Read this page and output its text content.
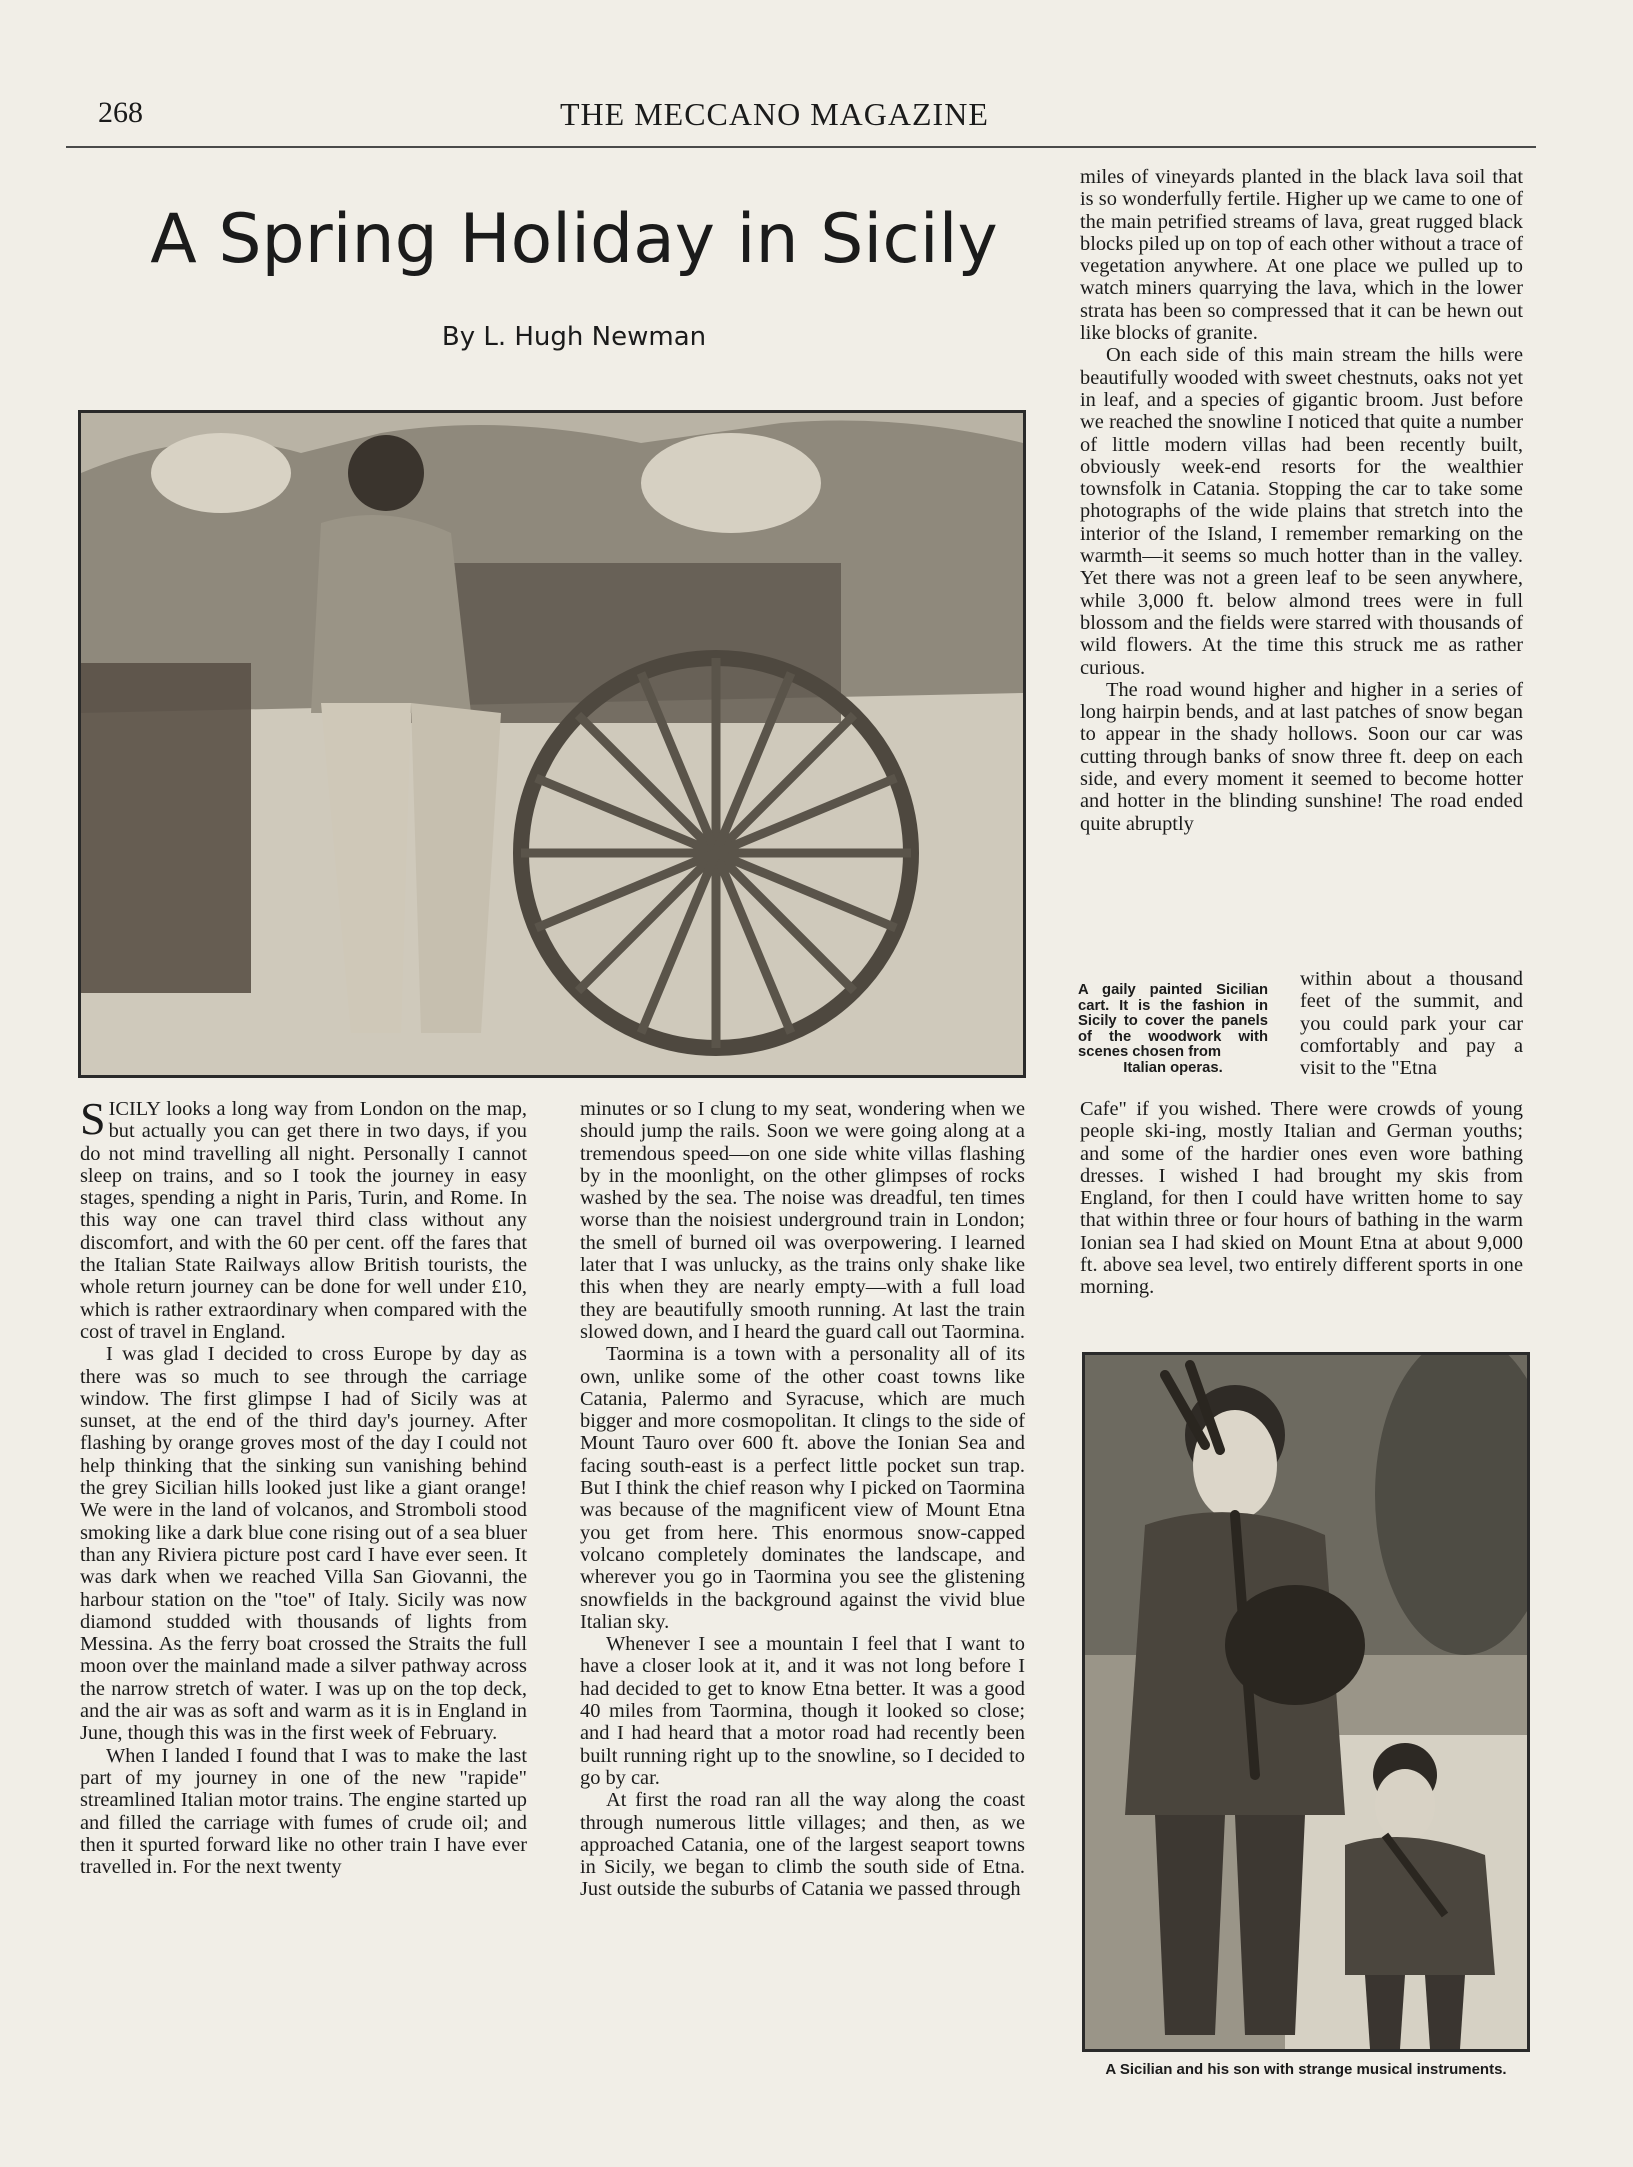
268	THE MECCANO MAGAZINE
A Spring Holiday in Sicily
By L. Hugh Newman
A Sicilian and his son with strange musical instruments.

SICILY looks a long way from London on the map, but actually you can get there in two days, if you do not mind travelling all night. Personally I cannot sleep on trains, and so I took the journey in easy stages, spending a night in Paris, Turin, and Rome. In this way one can travel third class without any discomfort, and with the 60 per cent. off the fares that the Italian State Railways allow British tourists, the whole return journey can be done for well under £10, which is rather extraordinary when compared with the cost of travel in England.

I was glad I decided to cross Europe by day as there was so much to see through the carriage window. The first glimpse I had of Sicily was at sunset, at the end of the third day's journey. After flashing by orange groves most of the day I could not help thinking that the sinking sun vanishing behind the grey Sicilian hills looked just like a giant orange! We were in the land of volcanos, and Stromboli stood smoking like a dark blue cone rising out of a sea bluer than any Riviera picture post card I have ever seen. It was dark when we reached Villa San Giovanni, the harbour station on the "toe" of Italy. Sicily was now diamond studded with thousands of lights from Messina. As the ferry boat crossed the Straits the full moon over the mainland made a silver pathway across the narrow stretch of water. I was up on the top deck, and the air was as soft and warm as it is in England in June, though this was in the first week of February.

When I landed I found that I was to make the last part of my journey in one of the new "rapide" streamlined Italian motor trains. The engine started up and filled the carriage with fumes of crude oil; and then it spurted forward like no other train I have ever travelled in. For the next twenty

minutes or so I clung to my seat, wondering when we should jump the rails. Soon we were going along at a tremendous speed—on one side white villas flashing by in the moonlight, on the other glimpses of rocks washed by the sea. The noise was dreadful, ten times worse than the noisiest underground train in London; the smell of burned oil was overpowering. I learned later that I was unlucky, as the trains only shake like this when they are nearly empty—with a full load they are beautifully smooth running. At last the train slowed down, and I heard the guard call out Taormina.

Taormina is a town with a personality all of its own, unlike some of the other coast towns like Catania, Palermo and Syracuse, which are much bigger and more cosmopolitan. It clings to the side of Mount Tauro over 600 ft. above the Ionian Sea and facing south-east is a perfect little pocket sun trap. But I think the chief reason why I picked on Taormina was because of the magnificent view of Mount Etna you get from here. This enormous snow-capped volcano completely dominates the landscape, and wherever you go in Taormina you see the glistening snowfields in the background against the vivid blue Italian sky.

Whenever I see a mountain I feel that I want to have a closer look at it, and it was not long before I had decided to get to know Etna better. It was a good 40 miles from Taormina, though it looked so close; and I had heard that a motor road had recently been built running right up to the snowline, so I decided to go by car.

At first the road ran all the way along the coast through numerous little villages; and then, as we approached Catania, one of the largest seaport towns in Sicily, we began to climb the south side of Etna. Just outside the suburbs of Catania we passed through

miles of vineyards planted in the black lava soil that is so wonderfully fertile. Higher up we came to one of the main petrified streams of lava, great rugged black blocks piled up on top of each other without a trace of vegetation anywhere. At one place we pulled up to watch miners quarrying the lava, which in the lower strata has been so compressed that it can be hewn out like blocks of granite.

On each side of this main stream the hills were beautifully wooded with sweet chestnuts, oaks not yet in leaf, and a species of gigantic broom. Just before we reached the snowline I noticed that quite a number of little modern villas had been recently built, obviously week-end resorts for the wealthier townsfolk in Catania. Stopping the car to take some photographs of the wide plains that stretch into the interior of the Island, I remember remarking on the warmth—it seems so much hotter than in the valley. Yet there was not a green leaf to be seen anywhere, while 3,000 ft. below almond trees were in full blossom and the fields were starred with thousands of wild flowers. At the time this struck me as rather curious.

The road wound higher and higher in a series of long hairpin bends, and at last patches of snow began to appear in the shady hollows. Soon our car was cutting through banks of snow three ft. deep on each side, and every moment it seemed to become hotter and hotter in the blinding sunshine! The road ended quite abruptly

A gaily painted Sicilian cart. It is the fashion in Sicily to cover the panels of the woodwork with scenes chosen from
Italian operas.
within about a thousand feet of the summit, and you could park your car comfortably and pay a visit to the "Etna

Cafe" if you wished. There were crowds of young people ski-ing, mostly Italian and German youths; and some of the hardier ones even wore bathing dresses. I wished I had brought my skis from England, for then I could have written home to say that within three or four hours of bathing in the warm Ionian sea I had skied on Mount Etna at about 9,000 ft. above sea level, two entirely different sports in one morning.
